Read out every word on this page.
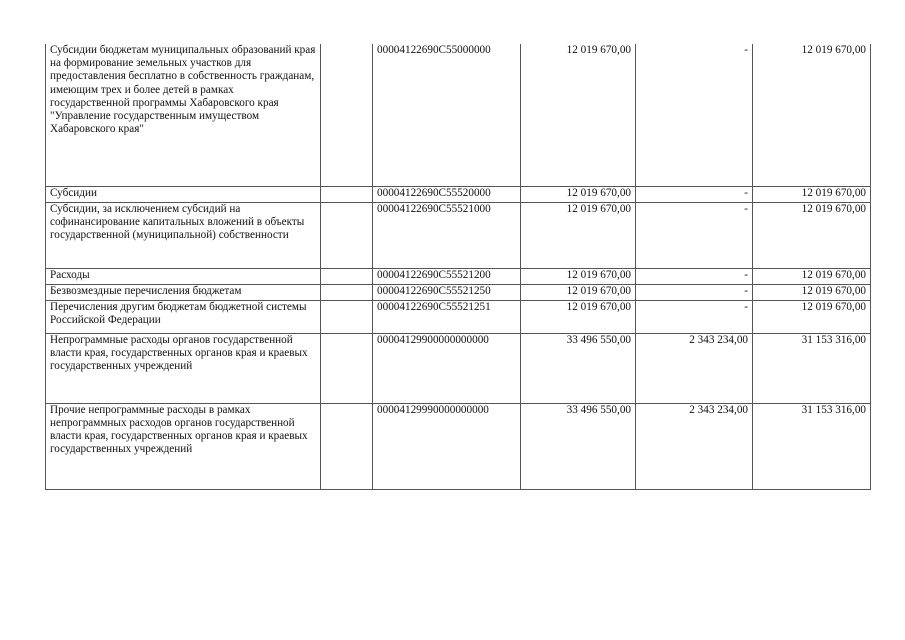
Субсидии бюджетам муниципальных образований края на формирование земельных участков для предоставления бесплатно в собственность гражданам, имеющим трех и более детей в рамках государственной программы Хабаровского края "Управление государственным имуществом Хабаровского края"		00004122690С55000000	12 019 670,00	-	12 019 670,00
Субсидии		00004122690С55520000	12 019 670,00	-	12 019 670,00
Субсидии, за исключением субсидий на софинансирование капитальных вложений в объекты государственной (муниципальной) собственности		00004122690С55521000	12 019 670,00	-	12 019 670,00
Расходы		00004122690С55521200	12 019 670,00	-	12 019 670,00
Безвозмездные перечисления бюджетам		00004122690С55521250	12 019 670,00	-	12 019 670,00
Перечисления другим бюджетам бюджетной системы Российской Федерации		00004122690С55521251	12 019 670,00	-	12 019 670,00
Непрограммные расходы органов государственной власти края, государственных органов края и краевых государственных учреждений		00004129900000000000	33 496 550,00	2 343 234,00	31 153 316,00
Прочие непрограммные расходы в рамках непрограммных расходов органов государственной власти края, государственных органов края и краевых государственных учреждений		00004129990000000000	33 496 550,00	2 343 234,00	31 153 316,00
